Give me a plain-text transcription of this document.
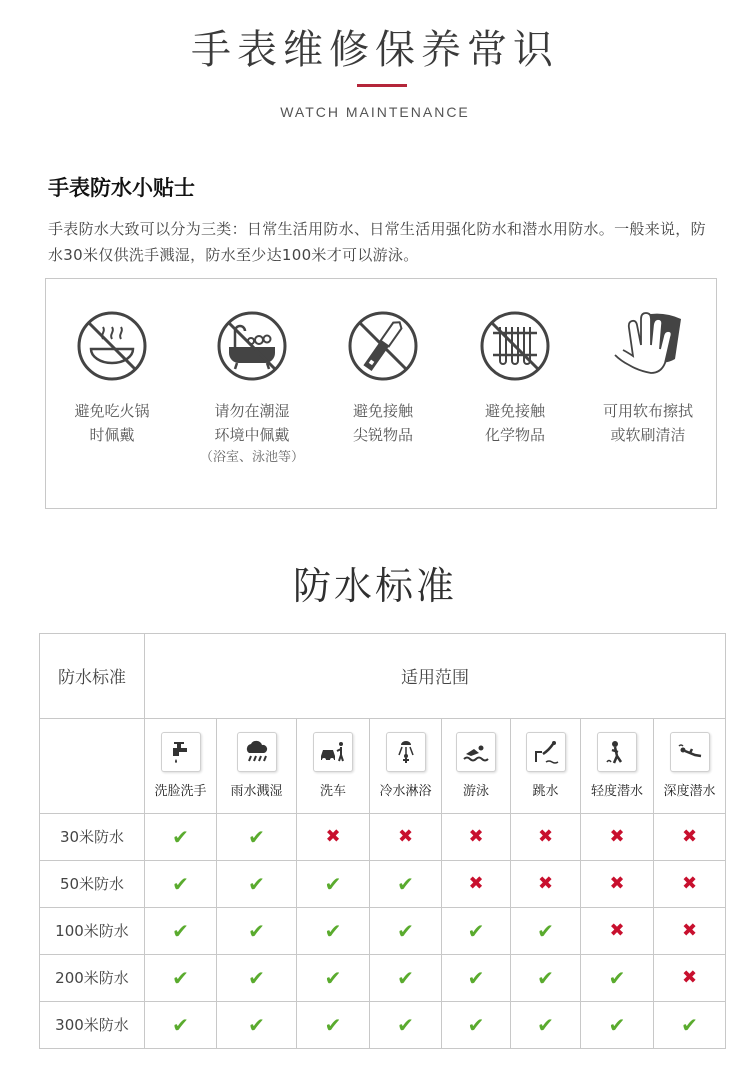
手表维修保养常识
WATCH MAINTENANCE
手表防水小贴士
手表防水大致可以分为三类：日常生活用防水、日常生活用强化防水和潜水用防水。一般来说，防水30米仅供洗手溅湿，防水至少达100米才可以游泳。
避免吃火锅
时佩戴
请勿在潮湿
环境中佩戴
（浴室、泳池等）
避免接触
尖锐物品
避免接触
化学物品
可用软布擦拭
或软刷清洁
防水标准
防水标准	适用范围							

	洗脸洗手	雨水溅湿	洗车	冷水淋浴	游泳	跳水	轻度潜水	深度潜水

30米防水	✔	✔	✖	✖	✖	✖	✖	✖
50米防水	✔	✔	✔	✔	✖	✖	✖	✖
100米防水	✔	✔	✔	✔	✔	✔	✖	✖
200米防水	✔	✔	✔	✔	✔	✔	✔	✖
300米防水	✔	✔	✔	✔	✔	✔	✔	✔
